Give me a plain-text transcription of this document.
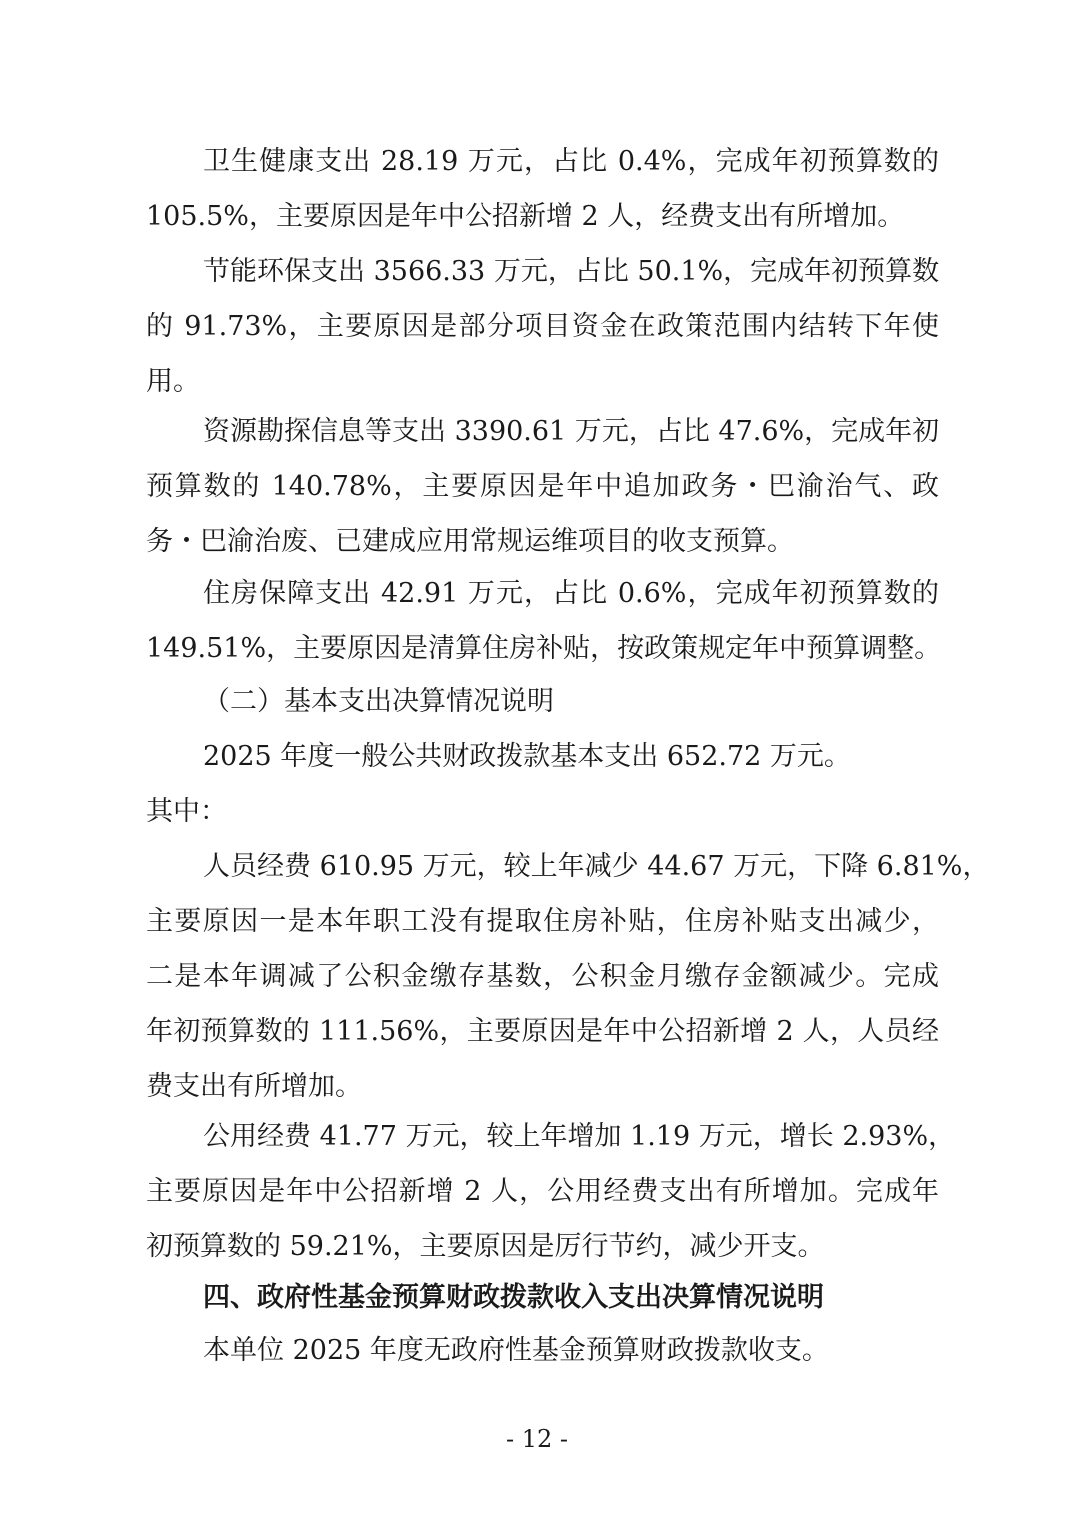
卫生健康支出 28.19 万元，占比 0.4%，完成年初预算数的
105.5%，主要原因是年中公招新增 2 人，经费支出有所增加。
节能环保支出 3566.33 万元，占比 50.1%，完成年初预算数
的 91.73%，主要原因是部分项目资金在政策范围内结转下年使
用。
资源勘探信息等支出 3390.61 万元，占比 47.6%，完成年初
预算数的 140.78%，主要原因是年中追加政务・巴渝治气、政
务・巴渝治废、已建成应用常规运维项目的收支预算。
住房保障支出 42.91 万元，占比 0.6%，完成年初预算数的
149.51%，主要原因是清算住房补贴，按政策规定年中预算调整。
（二）基本支出决算情况说明
2025 年度一般公共财政拨款基本支出 652.72 万元。
其中：
人员经费 610.95 万元，较上年减少 44.67 万元，下降 6.81%，
主要原因一是本年职工没有提取住房补贴，住房补贴支出减少，
二是本年调减了公积金缴存基数，公积金月缴存金额减少。完成
年初预算数的 111.56%，主要原因是年中公招新增 2 人，人员经
费支出有所增加。
公用经费 41.77 万元，较上年增加 1.19 万元，增长 2.93%，
主要原因是年中公招新增 2 人，公用经费支出有所增加。完成年
初预算数的 59.21%，主要原因是厉行节约，减少开支。
四、政府性基金预算财政拨款收入支出决算情况说明
本单位 2025 年度无政府性基金预算财政拨款收支。
- 12 -
